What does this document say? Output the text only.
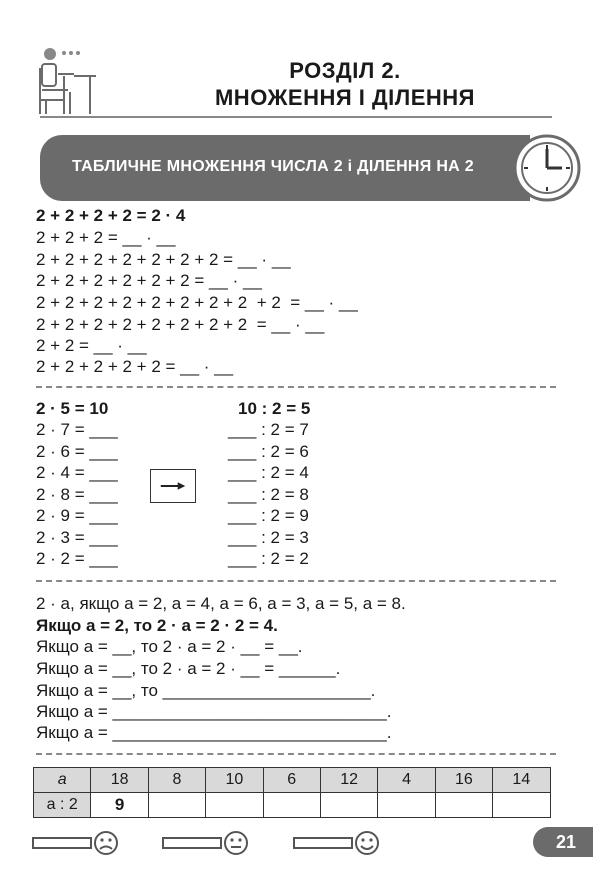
РОЗДІЛ 2.
МНОЖЕННЯ І ДІЛЕННЯ
ТАБЛИЧНЕ МНОЖЕННЯ ЧИСЛА 2 і ДІЛЕННЯ НА 2
2 + 2 + 2 + 2 = 2 · 4
2 + 2 + 2 = __ · __
2 + 2 + 2 + 2 + 2 + 2 + 2 = __ · __
2 + 2 + 2 + 2 + 2 + 2 = __ · __
2 + 2 + 2 + 2 + 2 + 2 + 2 + 2  + 2  = __ · __
2 + 2 + 2 + 2 + 2 + 2 + 2 + 2  = __ · __
2 + 2 = __ · __
2 + 2 + 2 + 2 + 2 = __ · __
2 · 5 = 10
2 · 7 = ___
2 · 6 = ___
2 · 4 = ___
2 · 8 = ___
2 · 9 = ___
2 · 3 = ___
2 · 2 = ___
10 : 2 = 5
___ : 2 = 7
___ : 2 = 6
___ : 2 = 4
___ : 2 = 8
___ : 2 = 9
___ : 2 = 3
___ : 2 = 2
2 · а, якщо а = 2, а = 4, а = 6, а = 3, а = 5, а = 8.
Якщо а = 2, то 2 · а = 2 · 2 = 4.
Якщо а = __, то 2 · а = 2 · __ = __.
Якщо а = __, то 2 · а = 2 · __ = ______.
Якщо а = __, то ______________________.
Якщо а = _____________________________.
Якщо а = _____________________________.
а	18	8	10	6	12	4	16	14
а : 2	9							
21
